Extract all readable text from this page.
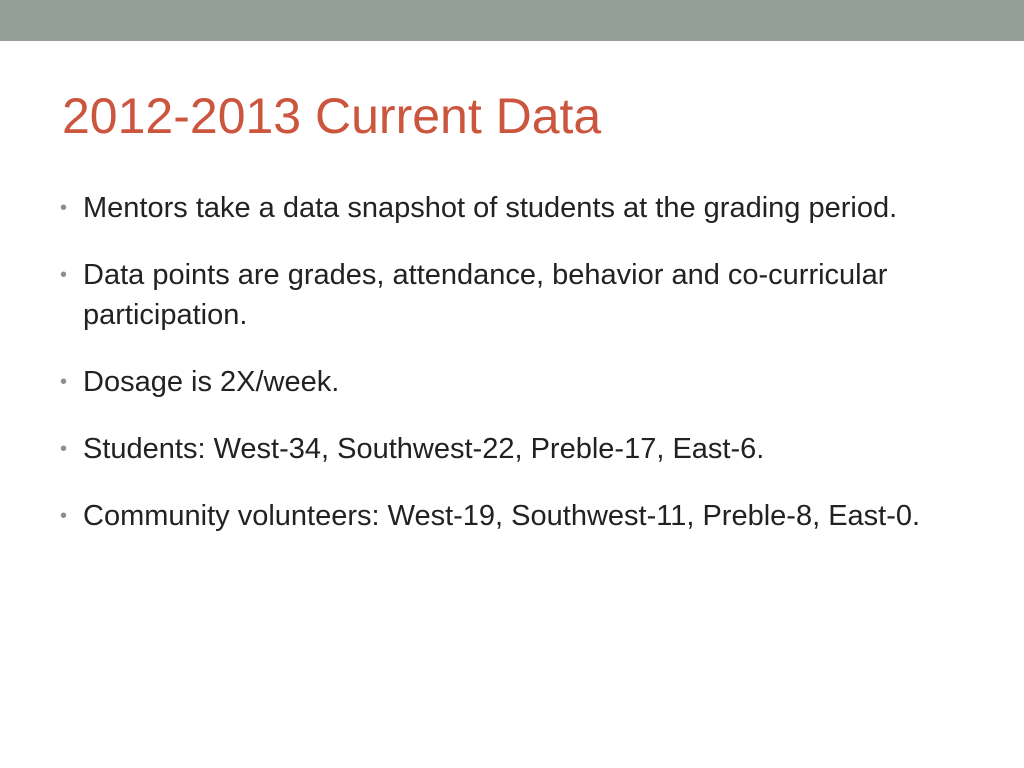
2012-2013 Current Data
• Mentors take a data snapshot of students at the grading period.
• Data points are grades, attendance, behavior and co-curricular participation.
• Dosage is 2X/week.
• Students: West-34, Southwest-22, Preble-17, East-6.
• Community volunteers: West-19, Southwest-11, Preble-8, East-0.
